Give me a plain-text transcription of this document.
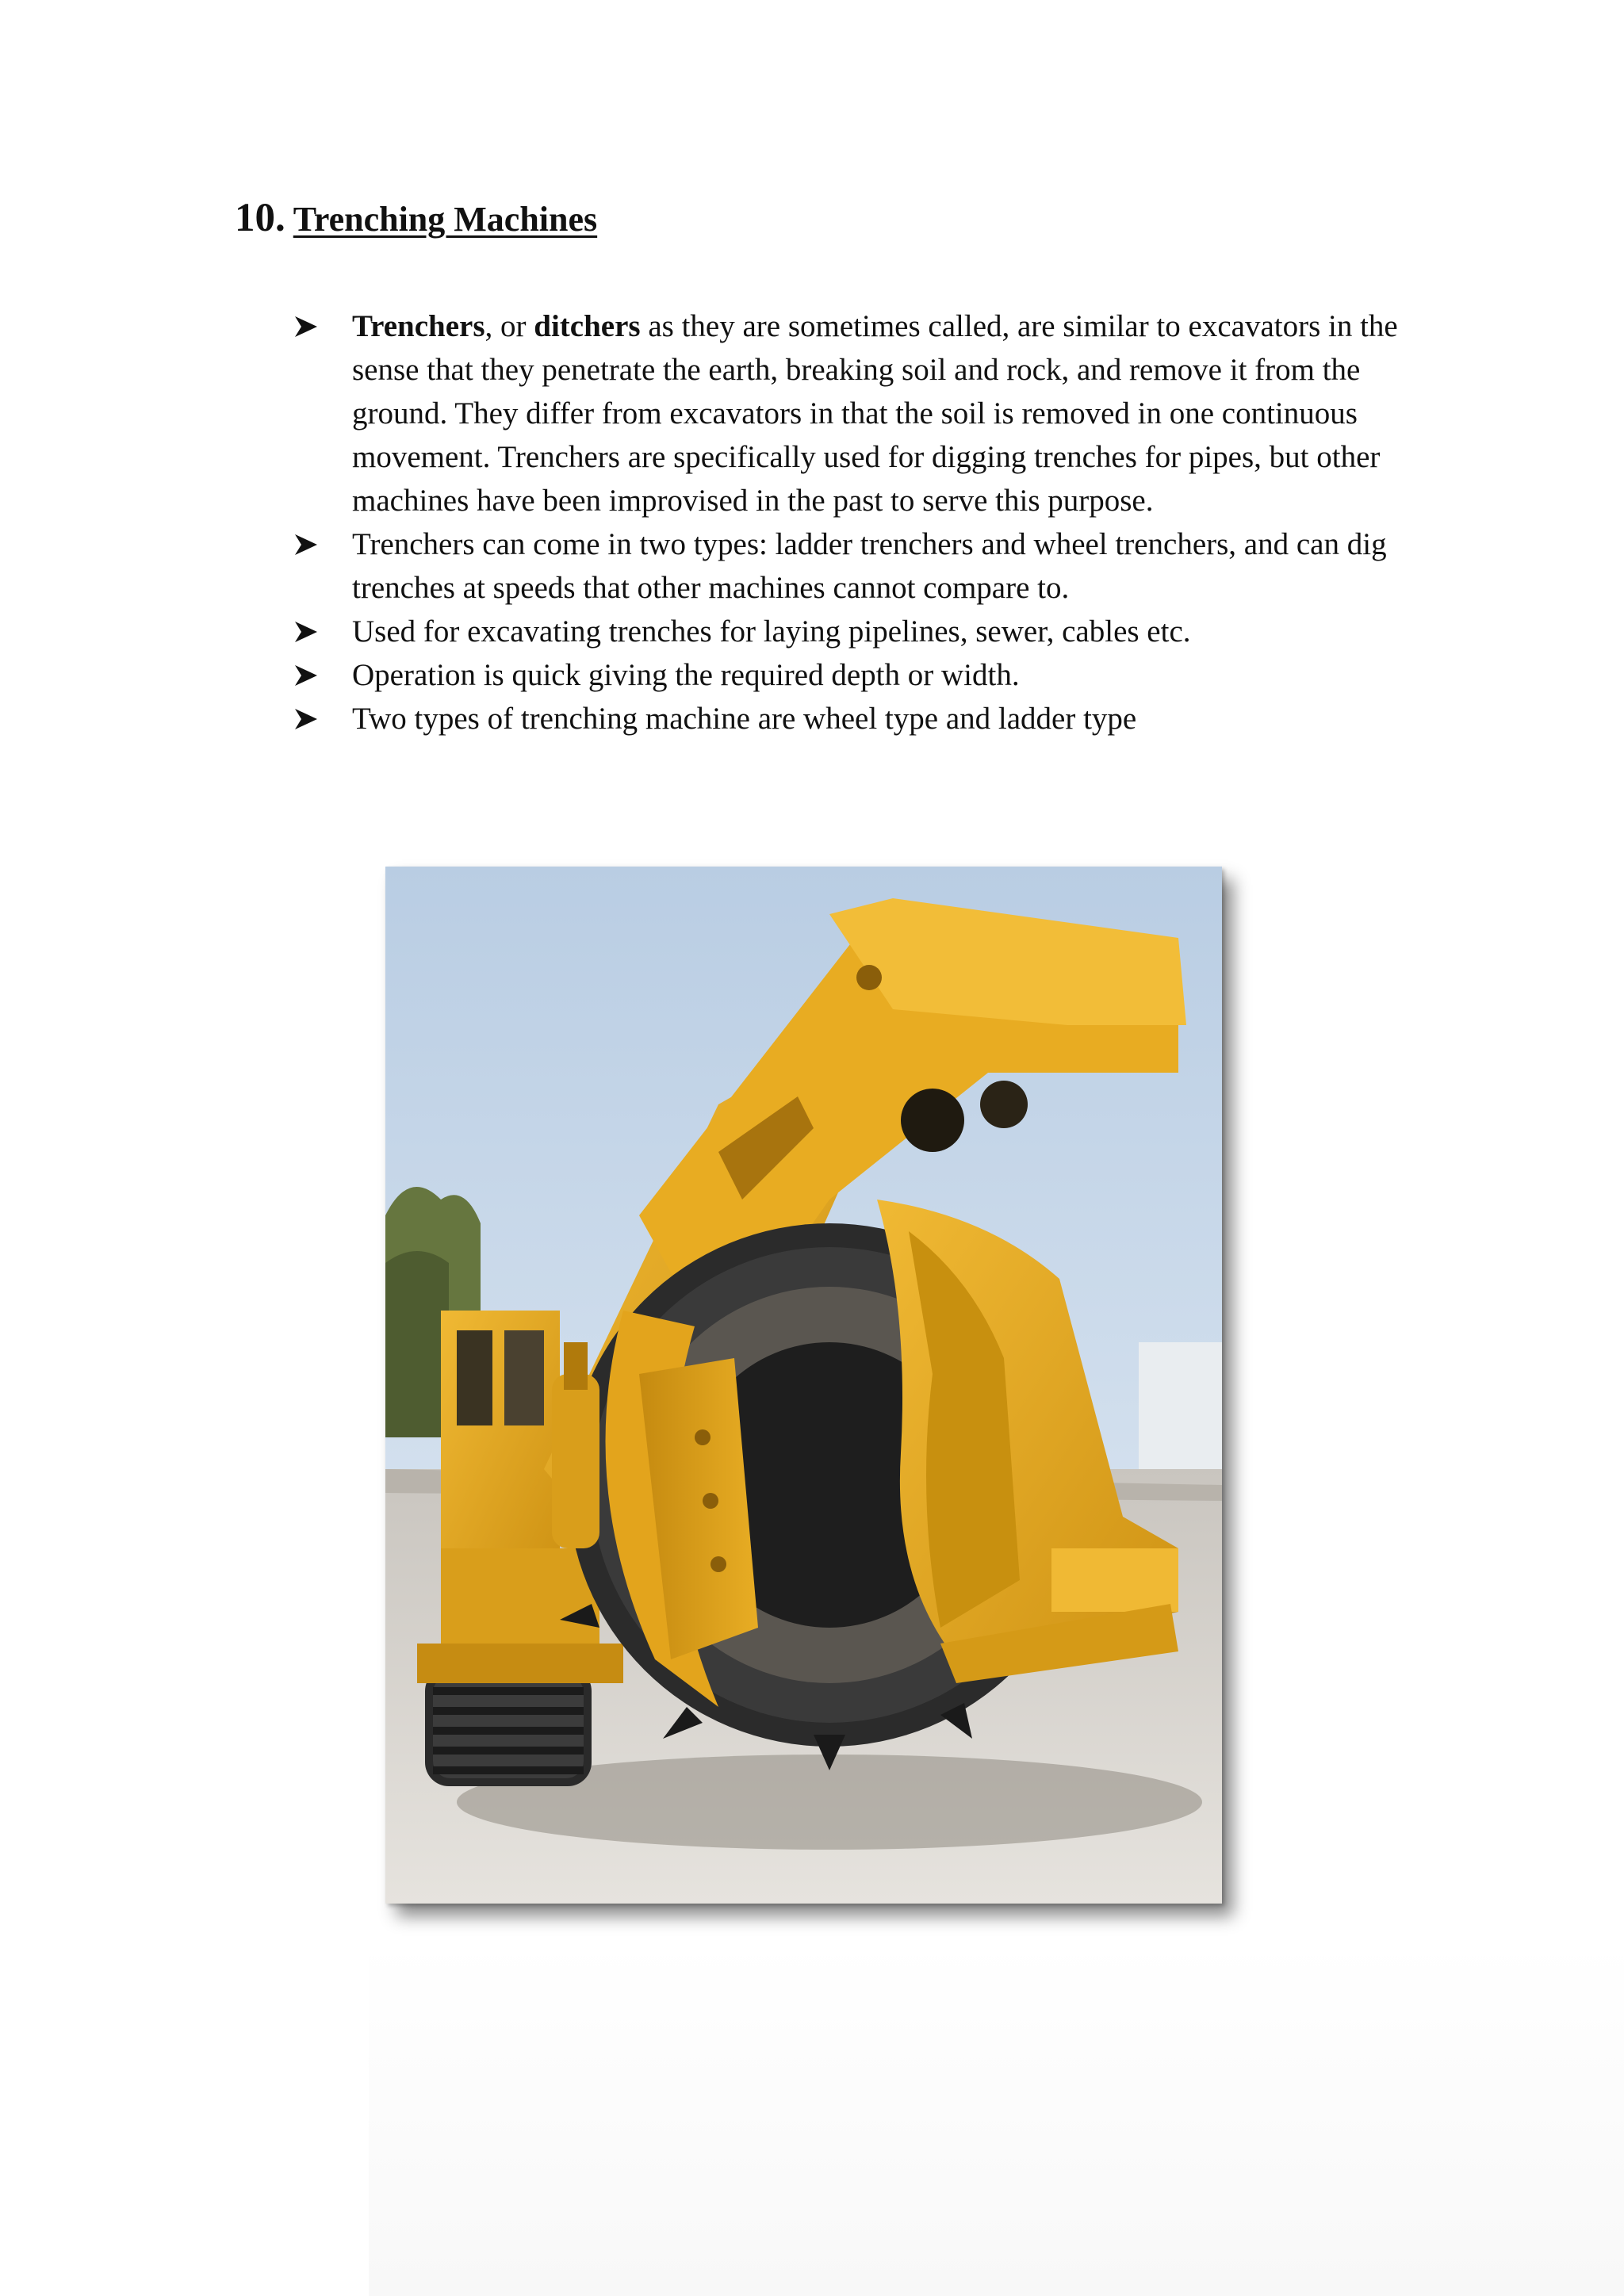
10. Trenching Machines
Trenchers, or ditchers as they are sometimes called, are similar to excavators in the sense that they penetrate the earth, breaking soil and rock, and remove it from the ground. They differ from excavators in that the soil is removed in one continuous movement. Trenchers are specifically used for digging trenches for pipes, but other machines have been improvised in the past to serve this purpose.
Trenchers can come in two types: ladder trenchers and wheel trenchers, and can dig trenches at speeds that other machines cannot compare to.
Used for excavating trenches for laying pipelines, sewer, cables etc.
Operation is quick giving the required depth or width.
Two types of trenching machine are wheel type and ladder type
